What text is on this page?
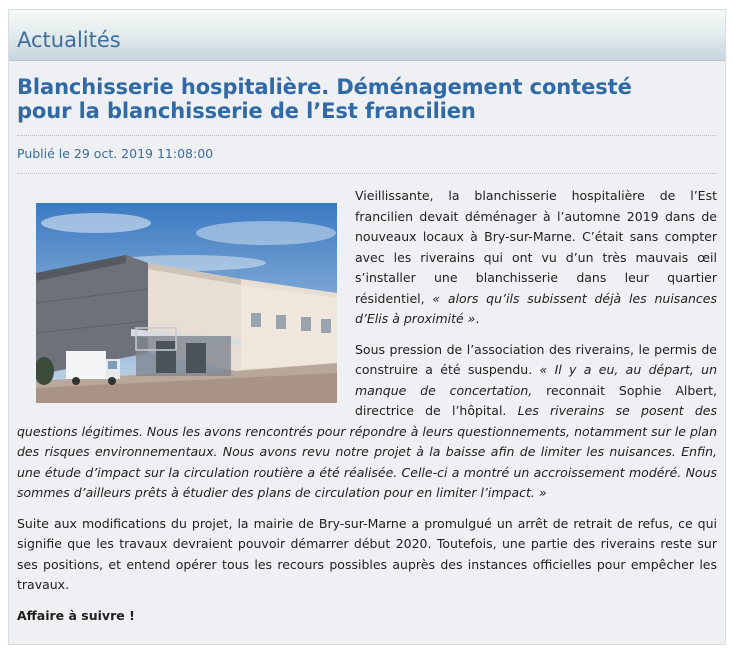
Actualités
Blanchisserie hospitalière. Déménagement contesté
pour la blanchisserie de l’Est francilien
Publié le 29 oct. 2019 11:08:00

Vieillissante, la blanchisserie hospitalière de l’Est francilien devait déménager à l’automne 2019 dans de nouveaux locaux à Bry-sur-Marne. C’était sans compter avec les riverains qui ont vu d’un très mauvais œil s’installer une blanchisserie dans leur quartier résidentiel, « alors qu’ils subissent déjà les nuisances d’Elis à proximité ».

Sous pression de l’association des riverains, le permis de construire a été suspendu. « Il y a eu, au départ, un manque de concertation, reconnait Sophie Albert, directrice de l’hôpital. Les riverains se posent des questions légitimes. Nous les avons rencontrés pour répondre à leurs questionnements, notamment sur le plan des risques environnementaux. Nous avons revu notre projet à la baisse afin de limiter les nuisances. Enfin, une étude d’impact sur la circulation routière a été réalisée. Celle-ci a montré un accroissement modéré. Nous sommes d’ailleurs prêts à étudier des plans de circulation pour en limiter l’impact. »

Suite aux modifications du projet, la mairie de Bry-sur-Marne a promulgué un arrêt de retrait de refus, ce qui signifie que les travaux devraient pouvoir démarrer début 2020. Toutefois, une partie des riverains reste sur ses positions, et entend opérer tous les recours possibles auprès des instances officielles pour empêcher les travaux.

Affaire à suivre !
